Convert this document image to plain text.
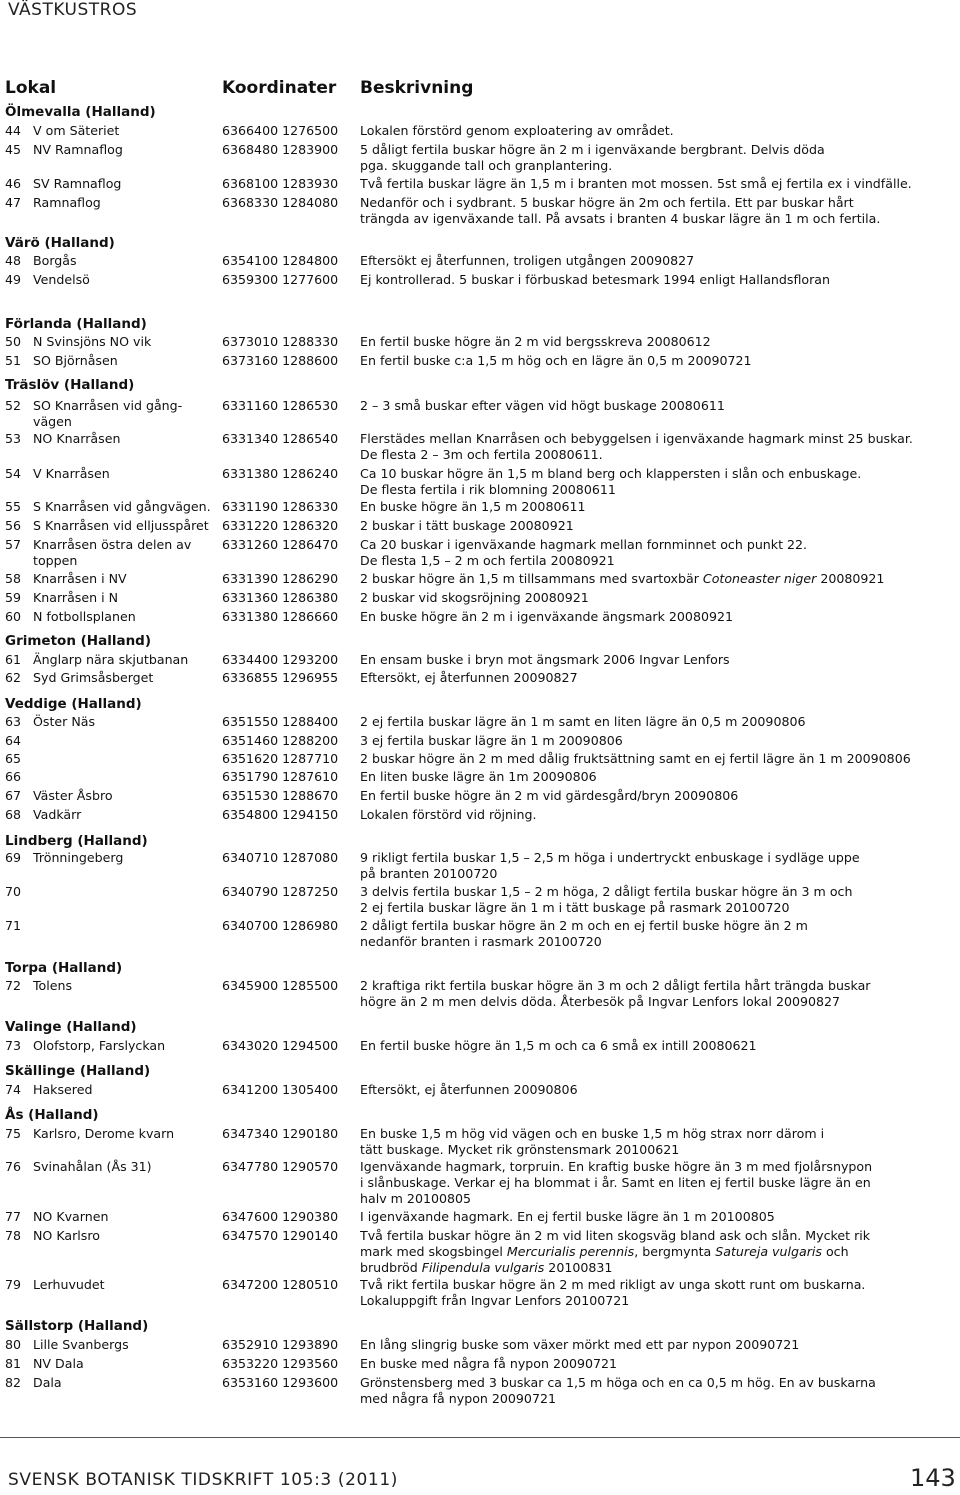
VÄSTKUSTROS
Lokal	Koordinater Beskrivning
Ölmevalla (Halland)
44 V om Säteriet	6366400 1276500	Lokalen förstörd genom exploatering av området.
45 NV Ramnaflog	6368480 1283900	5 dåligt fertila buskar högre än 2 m i igenväxande bergbrant. Delvis döda
pga. skuggande tall och granplantering.
46 SV Ramnaflog	6368100 1283930	Två fertila buskar lägre än 1,5 m i branten mot mossen. 5st små ej fertila ex i vindfälle.
47 Ramnaflog	6368330 1284080	Nedanför och i sydbrant. 5 buskar högre än 2m och fertila. Ett par buskar hårt
trängda av igenväxande tall. På avsats i branten 4 buskar lägre än 1 m och fertila.
Värö (Halland)
48 Borgås	6354100 1284800	Eftersökt ej återfunnen, troligen utgången 20090827
49 Vendelsö	6359300 1277600	Ej kontrollerad. 5 buskar i förbuskad betesmark 1994 enligt Hallandsfloran
Förlanda (Halland)
50 N Svinsjöns NO vik	6373010 1288330	En fertil buske högre än 2 m vid bergsskreva 20080612
51 SO Björnåsen	6373160 1288600	En fertil buske c:a 1,5 m hög och en lägre än 0,5 m 20090721
Träslöv (Halland)
52 SO Knarråsen vid gång-
vägen
6331160 1286530	2 – 3 små buskar efter vägen vid högt buskage 20080611
53 NO Knarråsen	6331340 1286540	Flerstädes mellan Knarråsen och bebyggelsen i igenväxande hagmark minst 25 buskar.
De flesta 2 – 3m och fertila 20080611.
54 V Knarråsen	6331380 1286240	Ca 10 buskar högre än 1,5 m bland berg och klappersten i slån och enbuskage.
De flesta fertila i rik blomning 20080611
55 S Knarråsen vid gångvägen. 6331190 1286330	En buske högre än 1,5 m 20080611
56 S Knarråsen vid elljusspåret	6331220 1286320	2 buskar i tätt buskage 20080921
57 Knarråsen östra delen av
toppen
6331260 1286470	Ca 20 buskar i igenväxande hagmark mellan fornminnet och punkt 22.
De flesta 1,5 – 2 m och fertila 20080921
58 Knarråsen i NV	6331390 1286290	2 buskar högre än 1,5 m tillsammans med svartoxbär Cotoneaster niger 20080921
59 Knarråsen i N	6331360 1286380	2 buskar vid skogsröjning 20080921
60 N fotbollsplanen	6331380 1286660	En buske högre än 2 m i igenväxande ängsmark 20080921
Grimeton (Halland)
61 Änglarp nära skjutbanan	6334400 1293200	En ensam buske i bryn mot ängsmark 2006 Ingvar Lenfors
62 Syd Grimsåsberget	6336855 1296955	Eftersökt, ej återfunnen 20090827
Veddige (Halland)
63 Öster Näs	6351550 1288400	2 ej fertila buskar lägre än 1 m samt en liten lägre än 0,5 m 20090806
64	6351460 1288200	3 ej fertila buskar lägre än 1 m 20090806
65	6351620 1287710	2 buskar högre än 2 m med dålig fruktsättning samt en ej fertil lägre än 1 m 20090806
66	6351790 1287610	En liten buske lägre än 1m 20090806
67 Väster Åsbro	6351530 1288670	En fertil buske högre än 2 m vid gärdesgård/bryn 20090806
68 Vadkärr	6354800 1294150	Lokalen förstörd vid röjning.
Lindberg (Halland)
69 Trönningeberg	6340710 1287080	9 rikligt fertila buskar 1,5 – 2,5 m höga i undertryckt enbuskage i sydläge uppe
på branten 20100720
70	6340790 1287250	3 delvis fertila buskar 1,5 – 2 m höga, 2 dåligt fertila buskar högre än 3 m och
2 ej fertila buskar lägre än 1 m i tätt buskage på rasmark 20100720
71	6340700 1286980	2 dåligt fertila buskar högre än 2 m och en ej fertil buske högre än 2 m
nedanför branten i rasmark 20100720
Torpa (Halland)
72 Tolens	6345900 1285500	2 kraftiga rikt fertila buskar högre än 3 m och 2 dåligt fertila hårt trängda buskar
högre än 2 m men delvis döda. Återbesök på Ingvar Lenfors lokal 20090827
Valinge (Halland)
73 Olofstorp, Farslyckan	6343020 1294500	En fertil buske högre än 1,5 m och ca 6 små ex intill 20080621
Skällinge (Halland)
74 Haksered	6341200 1305400	Eftersökt, ej återfunnen 20090806
Ås (Halland)
75 Karlsro, Derome kvarn	6347340 1290180	En buske 1,5 m hög vid vägen och en buske 1,5 m hög strax norr därom i
tätt buskage. Mycket rik grönstensmark 20100621
76 Svinahålan (Ås 31)	6347780 1290570	Igenväxande hagmark, torpruin. En kraftig buske högre än 3 m med fjolårsnypon
i slånbuskage. Verkar ej ha blommat i år. Samt en liten ej fertil buske lägre än en
halv m 20100805
77 NO Kvarnen	6347600 1290380	I igenväxande hagmark. En ej fertil buske lägre än 1 m 20100805
78 NO Karlsro	6347570 1290140	Två fertila buskar högre än 2 m vid liten skogsväg bland ask och slån. Mycket rik
mark med skogsbingel Mercurialis perennis, bergmynta Satureja vulgaris och
brudbröd Filipendula vulgaris 20100831
79 Lerhuvudet	6347200 1280510	Två rikt fertila buskar högre än 2 m med rikligt av unga skott runt om buskarna.
Lokaluppgift från Ingvar Lenfors 20100721
Sällstorp (Halland)
80 Lille Svanbergs	6352910 1293890	En lång slingrig buske som växer mörkt med ett par nypon 20090721
81 NV Dala	6353220 1293560	En buske med några få nypon 20090721
82 Dala	6353160 1293600	Grönstensberg med 3 buskar ca 1,5 m höga och en ca 0,5 m hög. En av buskarna
med några få nypon 20090721
SVENSK BOTANISK TIDSKRIFT 105:3 (2011)	143
